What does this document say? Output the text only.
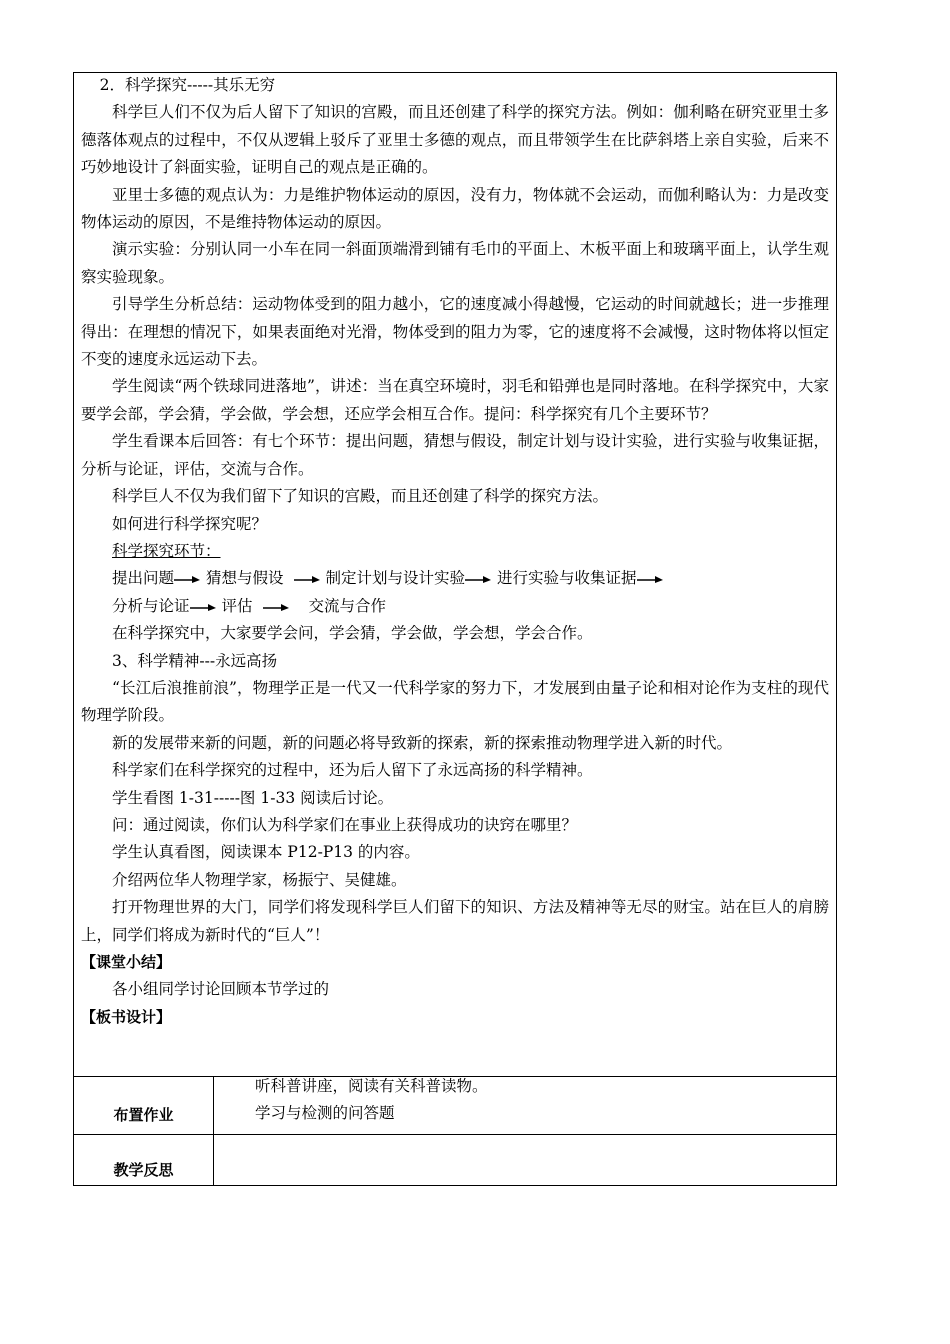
2．科学探究-----其乐无穷

科学巨人们不仅为后人留下了知识的宫殿，而且还创建了科学的探究方法。例如：伽利略在研究亚里士多德落体观点的过程中，不仅从逻辑上驳斥了亚里士多德的观点，而且带领学生在比萨斜塔上亲自实验，后来不巧妙地设计了斜面实验，证明自己的观点是正确的。

亚里士多德的观点认为：力是维护物体运动的原因，没有力，物体就不会运动，而伽利略认为：力是改变物体运动的原因，不是维持物体运动的原因。

演示实验：分别认同一小车在同一斜面顶端滑到铺有毛巾的平面上、木板平面上和玻璃平面上，认学生观察实验现象。

引导学生分析总结：运动物体受到的阻力越小，它的速度减小得越慢，它运动的时间就越长；进一步推理得出：在理想的情况下，如果表面绝对光滑，物体受到的阻力为零，它的速度将不会减慢，这时物体将以恒定不变的速度永远运动下去。

学生阅读“两个铁球同进落地”，讲述：当在真空环境时，羽毛和铅弹也是同时落地。在科学探究中，大家要学会部，学会猜，学会做，学会想，还应学会相互合作。提问：科学探究有几个主要环节？

学生看课本后回答：有七个环节：提出问题，猜想与假设，制定计划与设计实验，进行实验与收集证据，分析与论证，评估，交流与合作。

科学巨人不仅为我们留下了知识的宫殿，而且还创建了科学的探究方法。

如何进行科学探究呢？

科学探究环节：

提出问题 猜想与假设	制定计划与设计实验 进行实验与收集证据
分析与论证 评估	交流与合作

在科学探究中，大家要学会问，学会猜，学会做，学会想，学会合作。

3、科学精神---永远高扬

“长江后浪推前浪”，物理学正是一代又一代科学家的努力下，才发展到由量子论和相对论作为支柱的现代物理学阶段。

新的发展带来新的问题，新的问题必将导致新的探索，新的探索推动物理学进入新的时代。

科学家们在科学探究的过程中，还为后人留下了永远高扬的科学精神。

学生看图 1-31-----图 1-33 阅读后讨论。

问：通过阅读，你们认为科学家们在事业上获得成功的诀窍在哪里？

学生认真看图，阅读课本 P12-P13 的内容。

介绍两位华人物理学家，杨振宁、吴健雄。

打开物理世界的大门，同学们将发现科学巨人们留下的知识、方法及精神等无尽的财宝。站在巨人的肩膀上，同学们将成为新时代的“巨人”！

【课堂小结】

各小组同学讨论回顾本节学过的

【板书设计】

布置作业
听科普讲座，阅读有关科普读物。
学习与检测的问答题
教学反思
